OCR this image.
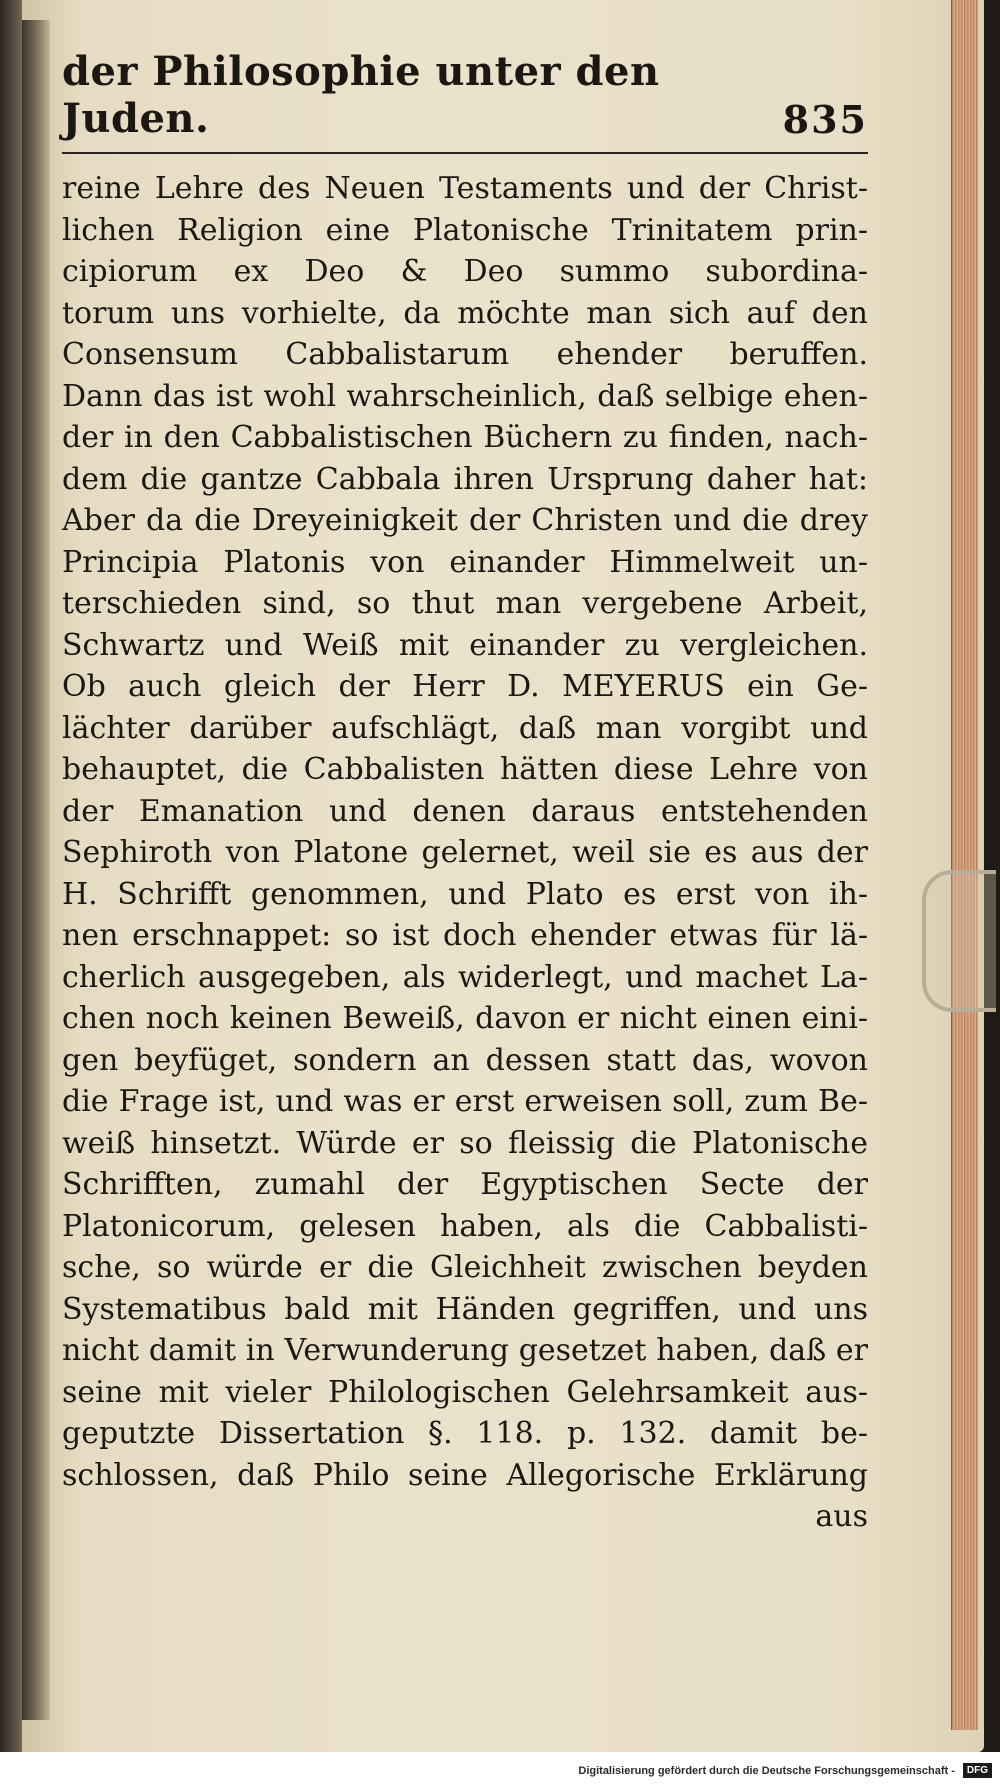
der Philosophie unter den Juden.	835
reine Lehre des Neuen Testaments und der Christ-
lichen Religion eine Platonische Trinitatem prin-
cipiorum ex Deo & Deo summo subordina-
torum uns vorhielte, da möchte man sich auf den
Consensum Cabbalistarum ehender beruffen.
Dann das ist wohl wahrscheinlich, daß selbige ehen-
der in den Cabbalistischen Büchern zu finden, nach-
dem die gantze Cabbala ihren Ursprung daher hat:
Aber da die Dreyeinigkeit der Christen und die drey
Principia Platonis von einander Himmelweit un-
terschieden sind, so thut man vergebene Arbeit,
Schwartz und Weiß mit einander zu vergleichen.
Ob auch gleich der Herr D. MEYERUS ein Ge-
lächter darüber aufschlägt, daß man vorgibt und
behauptet, die Cabbalisten hätten diese Lehre von
der Emanation und denen daraus entstehenden
Sephiroth von Platone gelernet, weil sie es aus der
H. Schrifft genommen, und Plato es erst von ih-
nen erschnappet: so ist doch ehender etwas für lä-
cherlich ausgegeben, als widerlegt, und machet La-
chen noch keinen Beweiß, davon er nicht einen eini-
gen beyfüget, sondern an dessen statt das, wovon
die Frage ist, und was er erst erweisen soll, zum Be-
weiß hinsetzt. Würde er so fleissig die Platonische
Schrifften, zumahl der Egyptischen Secte der
Platonicorum, gelesen haben, als die Cabbalisti-
sche, so würde er die Gleichheit zwischen beyden
Systematibus bald mit Händen gegriffen, und uns
nicht damit in Verwunderung gesetzet haben, daß er
seine mit vieler Philologischen Gelehrsamkeit aus-
geputzte Dissertation §. 118. p. 132. damit be-
schlossen, daß Philo seine Allegorische Erklärung
aus
Digitalisierung gefördert durch die Deutsche Forschungsgemeinschaft -	DFG
